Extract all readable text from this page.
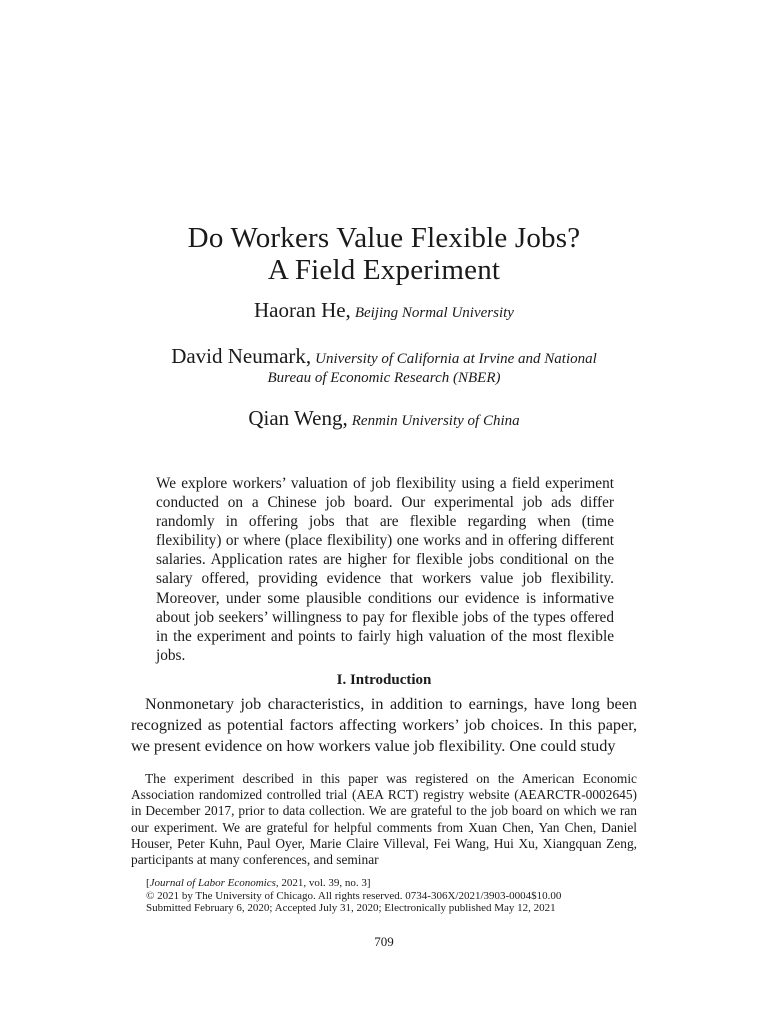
Do Workers Value Flexible Jobs?
A Field Experiment
Haoran He, Beijing Normal University
David Neumark, University of California at Irvine and National
Bureau of Economic Research (NBER)
Qian Weng, Renmin University of China

We explore workers’ valuation of job flexibility using a field experiment conducted on a Chinese job board. Our experimental job ads differ randomly in offering jobs that are flexible regarding when (time flexibility) or where (place flexibility) one works and in offering different salaries. Application rates are higher for flexible jobs conditional on the salary offered, providing evidence that workers value job flexibility. Moreover, under some plausible conditions our evidence is informative about job seekers’ willingness to pay for flexible jobs of the types offered in the experiment and points to fairly high valuation of the most flexible jobs.

I. Introduction

Nonmonetary job characteristics, in addition to earnings, have long been recognized as potential factors affecting workers’ job choices. In this paper, we present evidence on how workers value job flexibility. One could study

The experiment described in this paper was registered on the American Economic Association randomized controlled trial (AEA RCT) registry website (AEARCTR-0002645) in December 2017, prior to data collection. We are grateful to the job board on which we ran our experiment. We are grateful for helpful comments from Xuan Chen, Yan Chen, Daniel Houser, Peter Kuhn, Paul Oyer, Marie Claire Villeval, Fei Wang, Hui Xu, Xiangquan Zeng, participants at many conferences, and seminar

[Journal of Labor Economics, 2021, vol. 39, no. 3]
© 2021 by The University of Chicago. All rights reserved. 0734-306X/2021/3903-0004$10.00
Submitted February 6, 2020; Accepted July 31, 2020; Electronically published May 12, 2021
709
